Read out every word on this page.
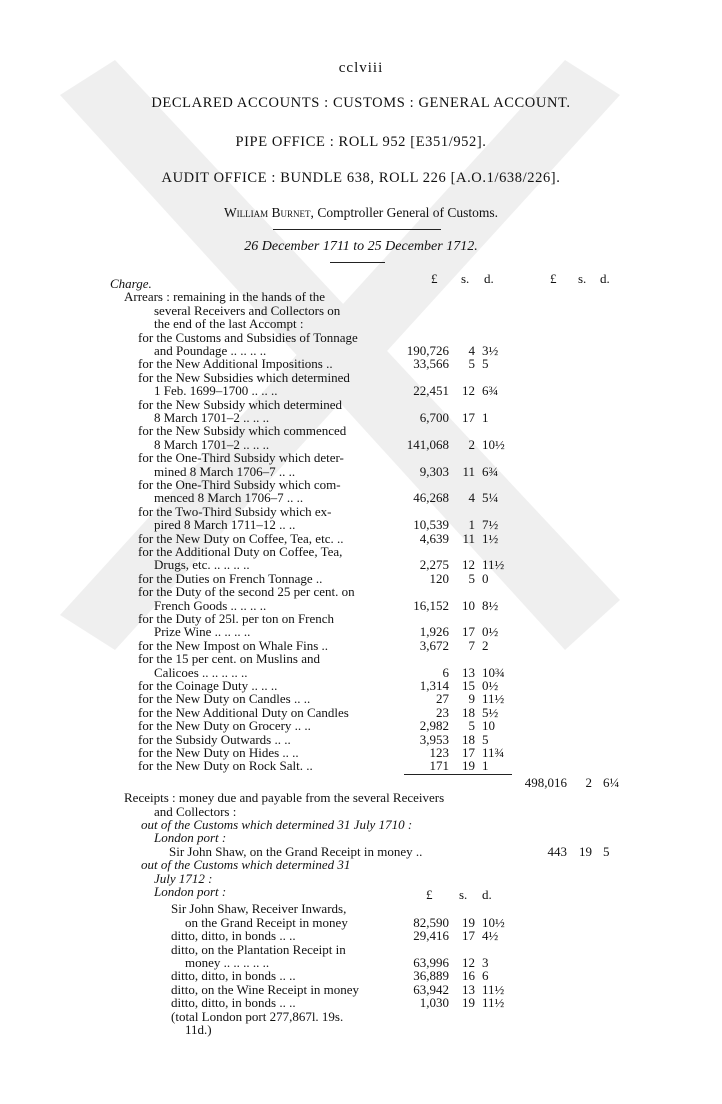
cclviii
DECLARED ACCOUNTS : CUSTOMS : GENERAL ACCOUNT.
PIPE OFFICE : ROLL 952 [E351/952].
AUDIT OFFICE : BUNDLE 638, ROLL 226 [A.O.1/638/226].
William Burnet, Comptroller General of Customs.
26 December 1711 to 25 December 1712.
£ s. d.	£ s. d.
Charge.
Arrears : remaining in the hands of the
several Receivers and Collectors on
the end of the last Accompt :
for the Customs and Subsidies of Tonnage
and Poundage .. .. .. ..	190,726	4 3½
for the New Additional Impositions ..	33,566	5 5
for the New Subsidies which determined
1 Feb. 1699–1700 .. .. ..	22,451	12 6¾
for the New Subsidy which determined
8 March 1701–2 .. .. ..	6,700	17 1
for the New Subsidy which commenced
8 March 1701–2 .. .. ..	141,068	2 10½
for the One-Third Subsidy which deter-
mined 8 March 1706–7 .. ..	9,303	11 6¾
for the One-Third Subsidy which com-
menced 8 March 1706–7 .. ..	46,268	4 5¼
for the Two-Third Subsidy which ex-
pired 8 March 1711–12 .. ..	10,539	1 7½
for the New Duty on Coffee, Tea, etc. ..	4,639	11 1½
for the Additional Duty on Coffee, Tea,
Drugs, etc. .. .. .. ..	2,275	12 11½
for the Duties on French Tonnage ..	120	5 0
for the Duty of the second 25 per cent. on
French Goods .. .. .. ..	16,152	10 8½
for the Duty of 25l. per ton on French
Prize Wine .. .. .. ..	1,926	17 0½
for the New Impost on Whale Fins ..	3,672	7 2
for the 15 per cent. on Muslins and
Calicoes .. .. .. .. ..	6	13 10¾
for the Coinage Duty .. .. ..	1,314	15 0½
for the New Duty on Candles .. ..	27	9 11½
for the New Additional Duty on Candles	23	18 5½
for the New Duty on Grocery .. ..	2,982	5 10
for the Subsidy Outwards .. ..	3,953	18 5
for the New Duty on Hides .. ..	123	17 11¾
for the New Duty on Rock Salt. ..	171	19 1
498,016	2 6¼
Receipts : money due and payable from the several Receivers
and Collectors :
out of the Customs which determined 31 July 1710 :
London port :
Sir John Shaw, on the Grand Receipt in money ..	443 19 5
out of the Customs which determined 31
July 1712 :
London port :	£ s. d.
Sir John Shaw, Receiver Inwards,
on the Grand Receipt in money	82,590	19 10½
ditto, ditto, in bonds .. ..	29,416	17 4½
ditto, on the Plantation Receipt in
money .. .. .. .. ..	63,996	12 3
ditto, ditto, in bonds .. ..	36,889	16 6
ditto, on the Wine Receipt in money	63,942	13 11½
ditto, ditto, in bonds .. ..	1,030	19 11½
(total London port 277,867l. 19s.
11d.)
